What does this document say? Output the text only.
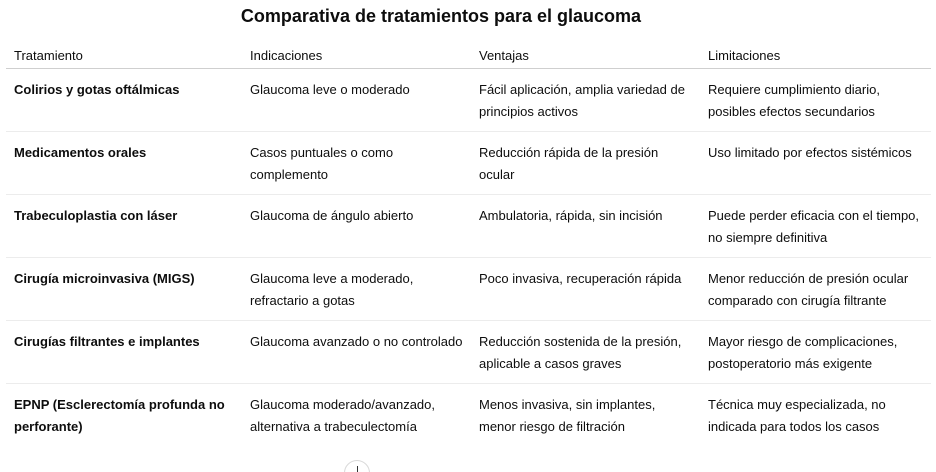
Comparativa de tratamientos para el glaucoma
Tratamiento	Indicaciones	Ventajas	Limitaciones
Colirios y gotas oftálmicas	Glaucoma leve o moderado	Fácil aplicación, amplia variedad de principios activos	Requiere cumplimiento diario, posibles efectos secundarios
Medicamentos orales	Casos puntuales o como complemento	Reducción rápida de la presión ocular	Uso limitado por efectos sistémicos
Trabeculoplastia con láser	Glaucoma de ángulo abierto	Ambulatoria, rápida, sin incisión	Puede perder eficacia con el tiempo, no siempre definitiva
Cirugía microinvasiva (MIGS)	Glaucoma leve a moderado, refractario a gotas	Poco invasiva, recuperación rápida	Menor reducción de presión ocular comparado con cirugía filtrante
Cirugías filtrantes e implantes	Glaucoma avanzado o no controlado	Reducción sostenida de la presión, aplicable a casos graves	Mayor riesgo de complicaciones, postoperatorio más exigente
EPNP (Esclerectomía profunda no perforante)	Glaucoma moderado/avanzado, alternativa a trabeculectomía	Menos invasiva, sin implantes, menor riesgo de filtración	Técnica muy especializada, no indicada para todos los casos
